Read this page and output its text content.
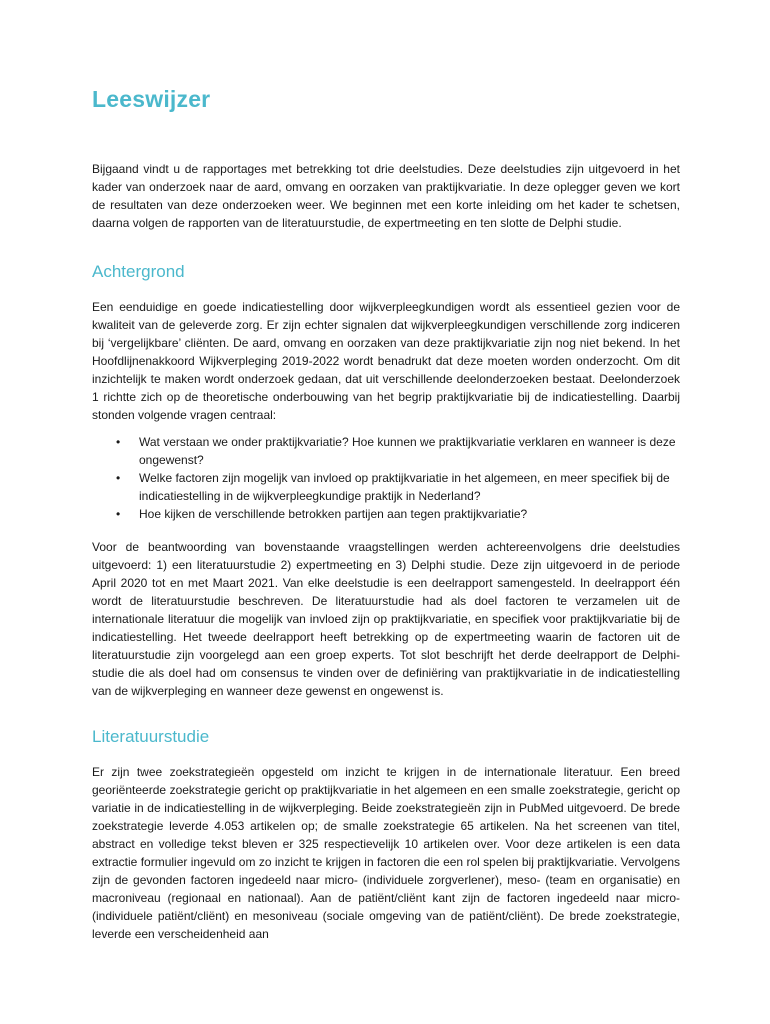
Leeswijzer

Bijgaand vindt u de rapportages met betrekking tot drie deelstudies. Deze deelstudies zijn uitgevoerd in het kader van onderzoek naar de aard, omvang en oorzaken van praktijkvariatie. In deze oplegger geven we kort de resultaten van deze onderzoeken weer. We beginnen met een korte inleiding om het kader te schetsen, daarna volgen de rapporten van de literatuurstudie, de expertmeeting en ten slotte de Delphi studie.

Achtergrond

Een eenduidige en goede indicatiestelling door wijkverpleegkundigen wordt als essentieel gezien voor de kwaliteit van de geleverde zorg. Er zijn echter signalen dat wijkverpleegkundigen verschillende zorg indiceren bij ‘vergelijkbare’ cliënten. De aard, omvang en oorzaken van deze praktijkvariatie zijn nog niet bekend. In het Hoofdlijnenakkoord Wijkverpleging 2019-2022 wordt benadrukt dat deze moeten worden onderzocht. Om dit inzichtelijk te maken wordt onderzoek gedaan, dat uit verschillende deelonderzoeken bestaat. Deelonderzoek 1 richtte zich op de theoretische onderbouwing van het begrip praktijkvariatie bij de indicatiestelling. Daarbij stonden volgende vragen centraal:

• Wat verstaan we onder praktijkvariatie? Hoe kunnen we praktijkvariatie verklaren en wanneer is deze ongewenst?
• Welke factoren zijn mogelijk van invloed op praktijkvariatie in het algemeen, en meer specifiek bij de indicatiestelling in de wijkverpleegkundige praktijk in Nederland?
• Hoe kijken de verschillende betrokken partijen aan tegen praktijkvariatie?

Voor de beantwoording van bovenstaande vraagstellingen werden achtereenvolgens drie deelstudies uitgevoerd: 1) een literatuurstudie 2) expertmeeting en 3) Delphi studie. Deze zijn uitgevoerd in de periode April 2020 tot en met Maart 2021. Van elke deelstudie is een deelrapport samengesteld. In deelrapport één wordt de literatuurstudie beschreven. De literatuurstudie had als doel factoren te verzamelen uit de internationale literatuur die mogelijk van invloed zijn op praktijkvariatie, en specifiek voor praktijkvariatie bij de indicatiestelling. Het tweede deelrapport heeft betrekking op de expertmeeting waarin de factoren uit de literatuurstudie zijn voorgelegd aan een groep experts. Tot slot beschrijft het derde deelrapport de Delphi-studie die als doel had om consensus te vinden over de definiëring van praktijkvariatie in de indicatiestelling van de wijkverpleging en wanneer deze gewenst en ongewenst is.

Literatuurstudie

Er zijn twee zoekstrategieën opgesteld om inzicht te krijgen in de internationale literatuur. Een breed georiënteerde zoekstrategie gericht op praktijkvariatie in het algemeen en een smalle zoekstrategie, gericht op variatie in de indicatiestelling in de wijkverpleging. Beide zoekstrategieën zijn in PubMed uitgevoerd. De brede zoekstrategie leverde 4.053 artikelen op; de smalle zoekstrategie 65 artikelen. Na het screenen van titel, abstract en volledige tekst bleven er 325 respectievelijk 10 artikelen over. Voor deze artikelen is een data extractie formulier ingevuld om zo inzicht te krijgen in factoren die een rol spelen bij praktijkvariatie. Vervolgens zijn de gevonden factoren ingedeeld naar micro- (individuele zorgverlener), meso- (team en organisatie) en macroniveau (regionaal en nationaal). Aan de patiënt/cliënt kant zijn de factoren ingedeeld naar micro- (individuele patiënt/cliënt) en mesoniveau (sociale omgeving van de patiënt/cliënt). De brede zoekstrategie, leverde een verscheidenheid aan
